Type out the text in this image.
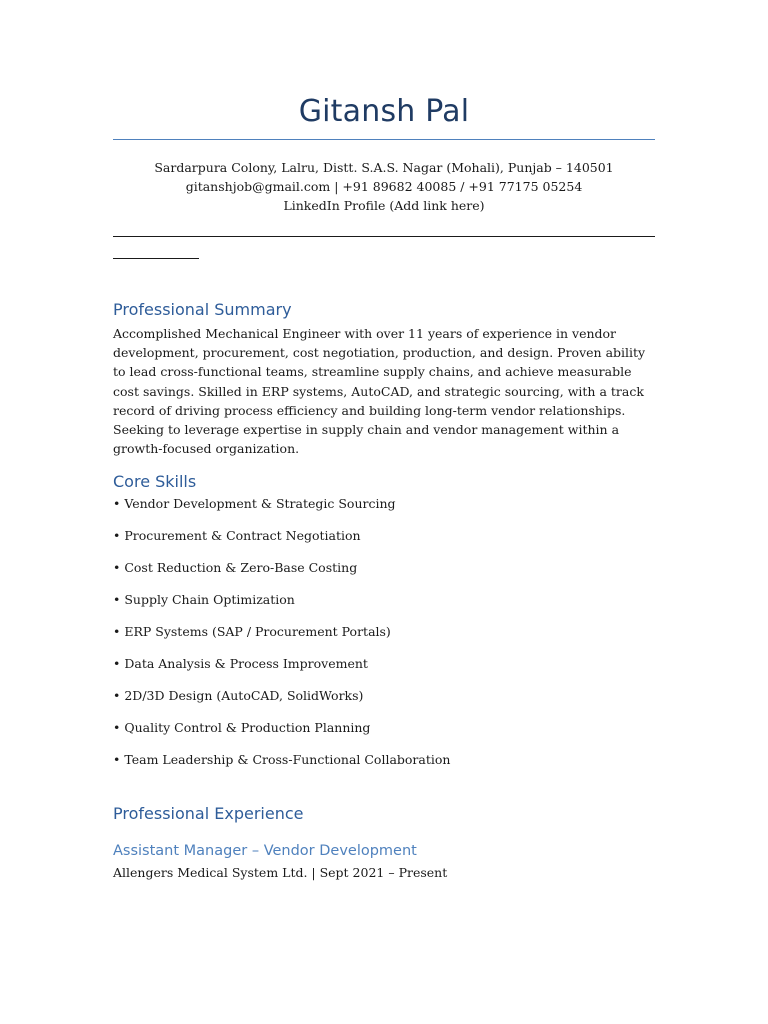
Gitansh Pal
Sardarpura Colony, Lalru, Distt. S.A.S. Nagar (Mohali), Punjab – 140501
gitanshjob@gmail.com | +91 89682 40085 / +91 77175 05254
LinkedIn Profile (Add link here)
Professional Summary
Accomplished Mechanical Engineer with over 11 years of experience in vendor development, procurement, cost negotiation, production, and design. Proven ability to lead cross-functional teams, streamline supply chains, and achieve measurable cost savings. Skilled in ERP systems, AutoCAD, and strategic sourcing, with a track record of driving process efficiency and building long-term vendor relationships. Seeking to leverage expertise in supply chain and vendor management within a growth-focused organization.
Core Skills
• Vendor Development & Strategic Sourcing
• Procurement & Contract Negotiation
• Cost Reduction & Zero-Base Costing
• Supply Chain Optimization
• ERP Systems (SAP / Procurement Portals)
• Data Analysis & Process Improvement
• 2D/3D Design (AutoCAD, SolidWorks)
• Quality Control & Production Planning
• Team Leadership & Cross-Functional Collaboration
Professional Experience
Assistant Manager – Vendor Development
Allengers Medical System Ltd. | Sept 2021 – Present
